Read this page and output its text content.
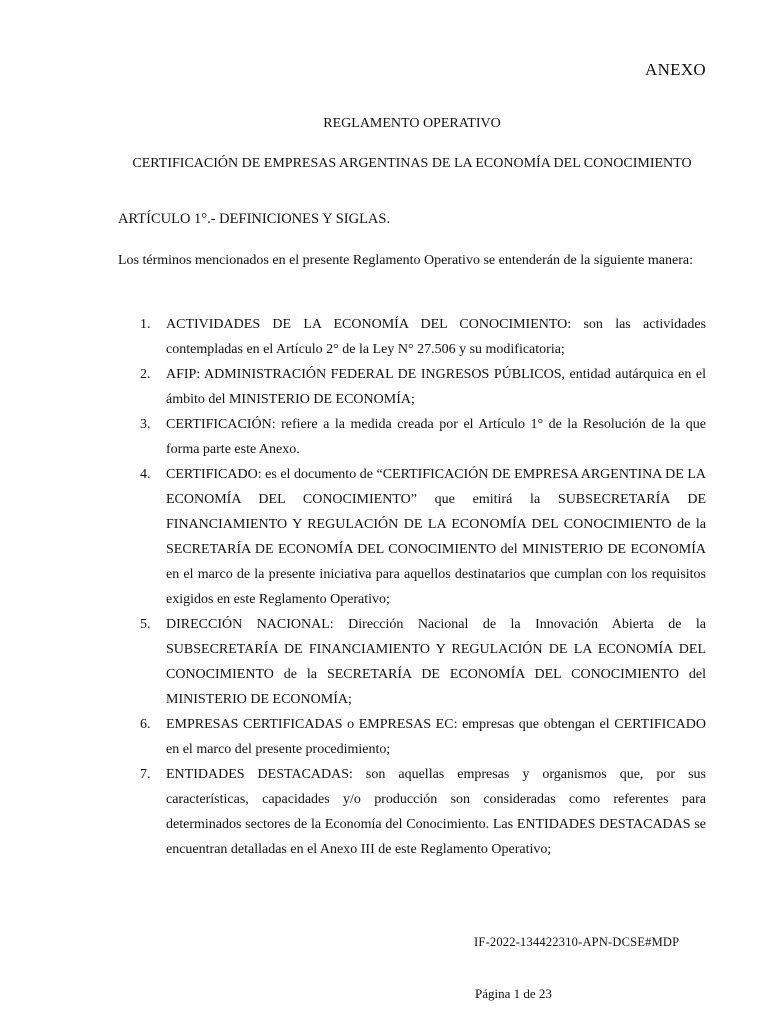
ANEXO
REGLAMENTO OPERATIVO
CERTIFICACIÓN DE EMPRESAS ARGENTINAS DE LA ECONOMÍA DEL CONOCIMIENTO
ARTÍCULO 1°.- DEFINICIONES Y SIGLAS.
Los términos mencionados en el presente Reglamento Operativo se entenderán de la siguiente manera:
1. ACTIVIDADES DE LA ECONOMÍA DEL CONOCIMIENTO: son las actividades contempladas en el Artículo 2° de la Ley N° 27.506 y su modificatoria;
2. AFIP: ADMINISTRACIÓN FEDERAL DE INGRESOS PÚBLICOS, entidad autárquica en el ámbito del MINISTERIO DE ECONOMÍA;
3. CERTIFICACIÓN: refiere a la medida creada por el Artículo 1° de la Resolución de la que forma parte este Anexo.
4. CERTIFICADO: es el documento de “CERTIFICACIÓN DE EMPRESA ARGENTINA DE LA ECONOMÍA DEL CONOCIMIENTO” que emitirá la SUBSECRETARÍA DE FINANCIAMIENTO Y REGULACIÓN DE LA ECONOMÍA DEL CONOCIMIENTO de la SECRETARÍA DE ECONOMÍA DEL CONOCIMIENTO del MINISTERIO DE ECONOMÍA en el marco de la presente iniciativa para aquellos destinatarios que cumplan con los requisitos exigidos en este Reglamento Operativo;
5. DIRECCIÓN NACIONAL: Dirección Nacional de la Innovación Abierta de la SUBSECRETARÍA DE FINANCIAMIENTO Y REGULACIÓN DE LA ECONOMÍA DEL CONOCIMIENTO de la SECRETARÍA DE ECONOMÍA DEL CONOCIMIENTO del MINISTERIO DE ECONOMÍA;
6. EMPRESAS CERTIFICADAS o EMPRESAS EC: empresas que obtengan el CERTIFICADO en el marco del presente procedimiento;
7. ENTIDADES DESTACADAS: son aquellas empresas y organismos que, por sus características, capacidades y/o producción son consideradas como referentes para determinados sectores de la Economía del Conocimiento. Las ENTIDADES DESTACADAS se encuentran detalladas en el Anexo III de este Reglamento Operativo;
IF-2022-134422310-APN-DCSE#MDP
Página 1 de 23
